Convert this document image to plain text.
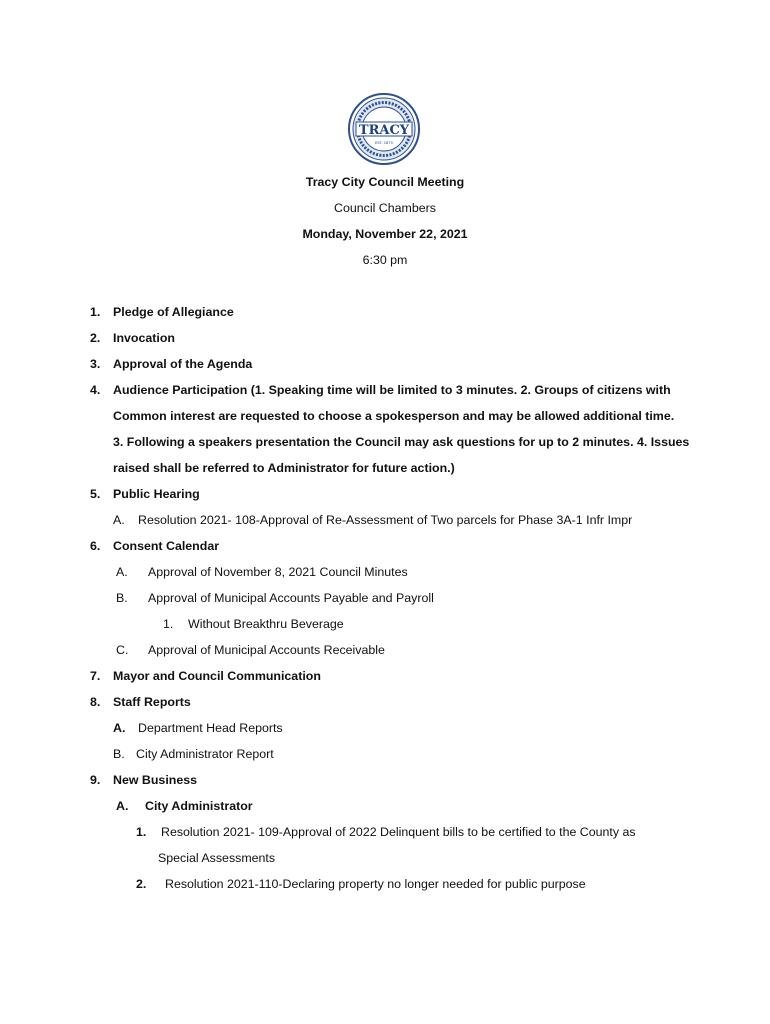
TRACY
EST. 1875
Tracy City Council Meeting
Council Chambers
Monday, November 22, 2021
6:30 pm
1. Pledge of Allegiance
2. Invocation
3. Approval of the Agenda
4. Audience Participation (1. Speaking time will be limited to 3 minutes. 2. Groups of citizens with
Common interest are requested to choose a spokesperson and may be allowed additional time.
3. Following a speakers presentation the Council may ask questions for up to 2 minutes. 4. Issues
raised shall be referred to Administrator for future action.)
5. Public Hearing
A. Resolution 2021- 108-Approval of Re-Assessment of Two parcels for Phase 3A-1 Infr Impr
6. Consent Calendar
A. Approval of November 8, 2021 Council Minutes
B. Approval of Municipal Accounts Payable and Payroll
1. Without Breakthru Beverage
C. Approval of Municipal Accounts Receivable
7. Mayor and Council Communication
8. Staff Reports
A. Department Head Reports
B. City Administrator Report
9. New Business
A. City Administrator
1. Resolution 2021- 109-Approval of 2022 Delinquent bills to be certified to the County as
Special Assessments
2. Resolution 2021-110-Declaring property no longer needed for public purpose
